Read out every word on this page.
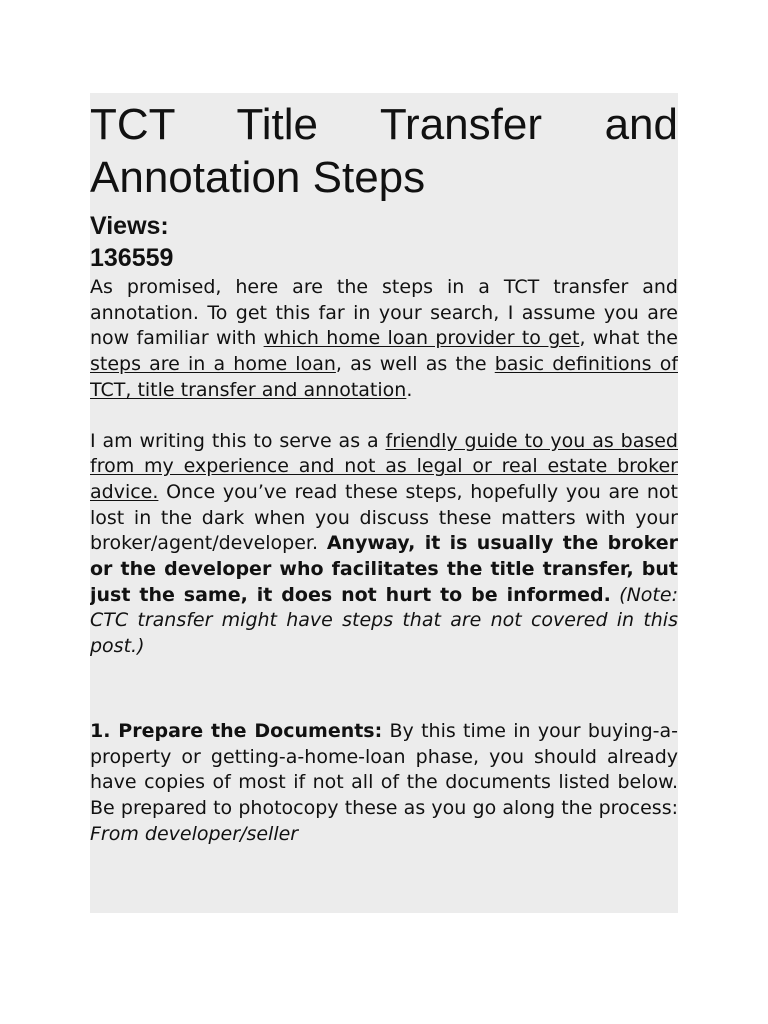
TCT Title Transfer and Annotation Steps
Views:
136559

As promised, here are the steps in a TCT transfer and annotation. To get this far in your search, I assume you are now familiar with which home loan provider to get, what the steps are in a home loan, as well as the basic definitions of TCT, title transfer and annotation.

I am writing this to serve as a friendly guide to you as based from my experience and not as legal or real estate broker advice. Once you’ve read these steps, hopefully you are not lost in the dark when you discuss these matters with your broker/agent/developer. Anyway, it is usually the broker or the developer who facilitates the title transfer, but just the same, it does not hurt to be informed. (Note: CTC transfer might have steps that are not covered in this post.)

1. Prepare the Documents: By this time in your buying-a-property or getting-a-home-loan phase, you should already have copies of most if not all of the documents listed below. Be prepared to photocopy these as you go along the process: From developer/seller
